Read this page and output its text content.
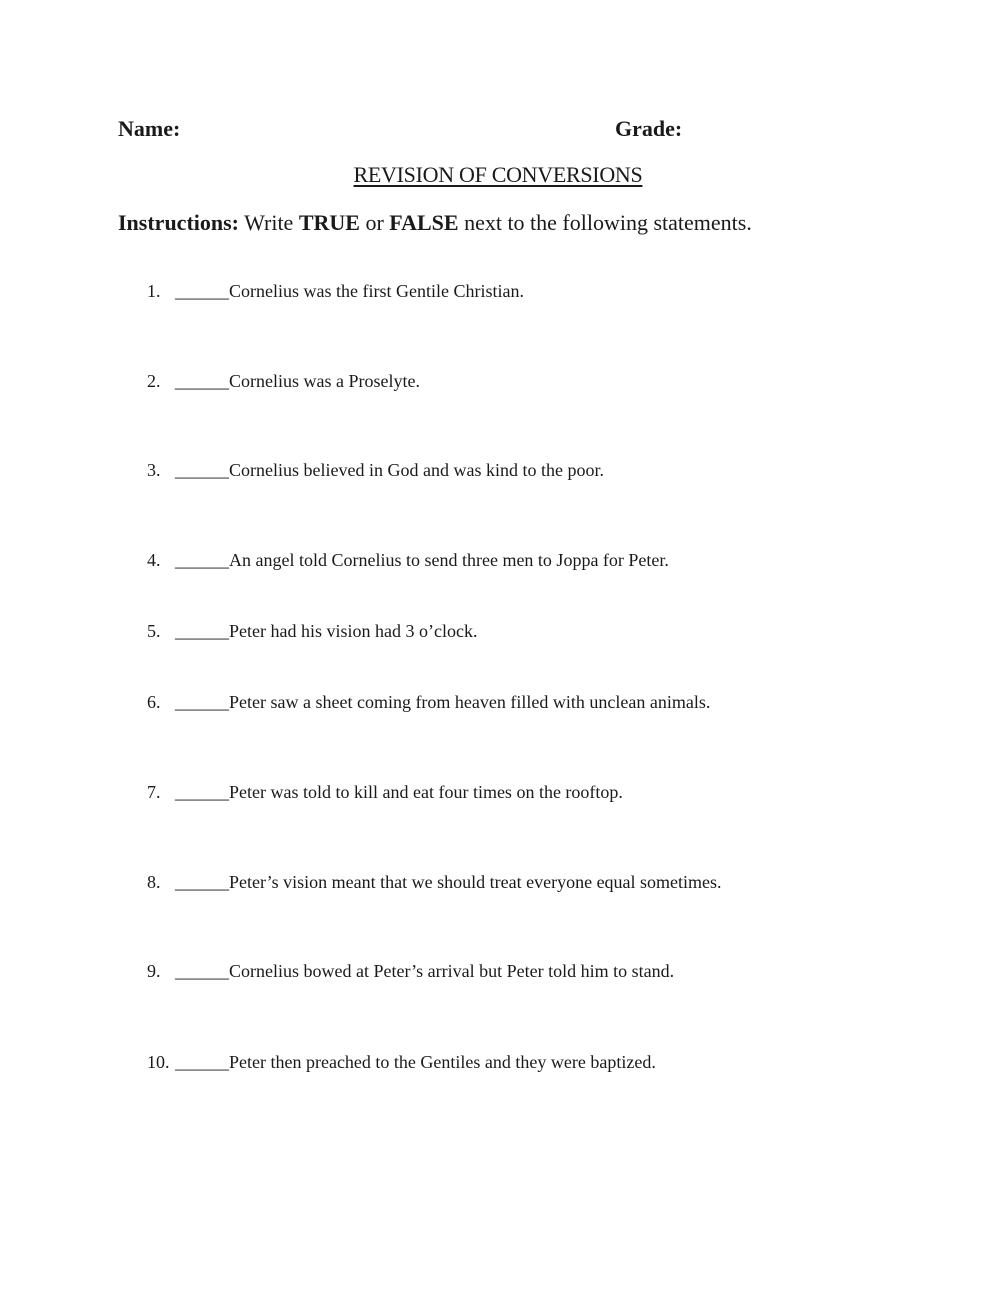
Name:	Grade:
REVISION OF CONVERSIONS
Instructions: Write TRUE or FALSE next to the following statements.
1. ______Cornelius was the first Gentile Christian.
2. ______Cornelius was a Proselyte.
3. ______Cornelius believed in God and was kind to the poor.
4. ______An angel told Cornelius to send three men to Joppa for Peter.
5. ______Peter had his vision had 3 o’clock.
6. ______Peter saw a sheet coming from heaven filled with unclean animals.
7. ______Peter was told to kill and eat four times on the rooftop.
8. ______Peter’s vision meant that we should treat everyone equal sometimes.
9. ______Cornelius bowed at Peter’s arrival but Peter told him to stand.
10. ______Peter then preached to the Gentiles and they were baptized.
